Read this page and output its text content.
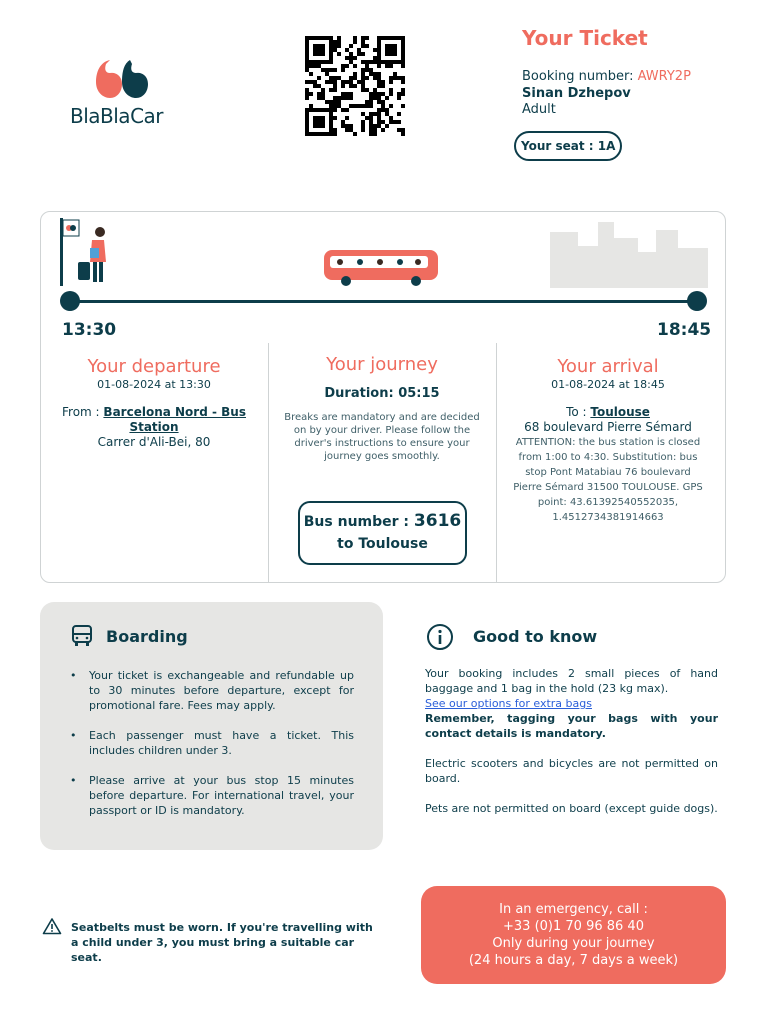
BlaBlaCar
Your Ticket
Booking number: AWRY2P
Sinan Dzhepov
Adult
Your seat : 1A
13:30	18:45
Your departure
01-08-2024 at 13:30
From : Barcelona Nord - Bus Station
Carrer d'Ali-Bei, 80
Your journey
Duration: 05:15
Breaks are mandatory and are decided on by your driver. Please follow the driver's instructions to ensure your journey goes smoothly.
Bus number : 3616
to Toulouse
Your arrival
01-08-2024 at 18:45
To : Toulouse
68 boulevard Pierre Sémard
ATTENTION: the bus station is closed from 1:00 to 4:30. Substitution: bus stop Pont Matabiau 76 boulevard Pierre Sémard 31500 TOULOUSE. GPS point: 43.61392540552035, 1.4512734381914663
Boarding
• Your ticket is exchangeable and refundable up to 30 minutes before departure, except for promotional fare. Fees may apply.
• Each passenger must have a ticket. This includes children under 3.
• Please arrive at your bus stop 15 minutes before departure. For international travel, your passport or ID is mandatory.
Good to know

Your booking includes 2 small pieces of hand baggage and 1 bag in the hold (23 kg max).
See our options for extra bags
Remember, tagging your bags with your contact details is mandatory.

Electric scooters and bicycles are not permitted on board.

Pets are not permitted on board (except guide dogs).

Seatbelts must be worn. If you're travelling with a child under 3, you must bring a suitable car seat.
In an emergency, call :
+33 (0)1 70 96 86 40
Only during your journey
(24 hours a day, 7 days a week)
